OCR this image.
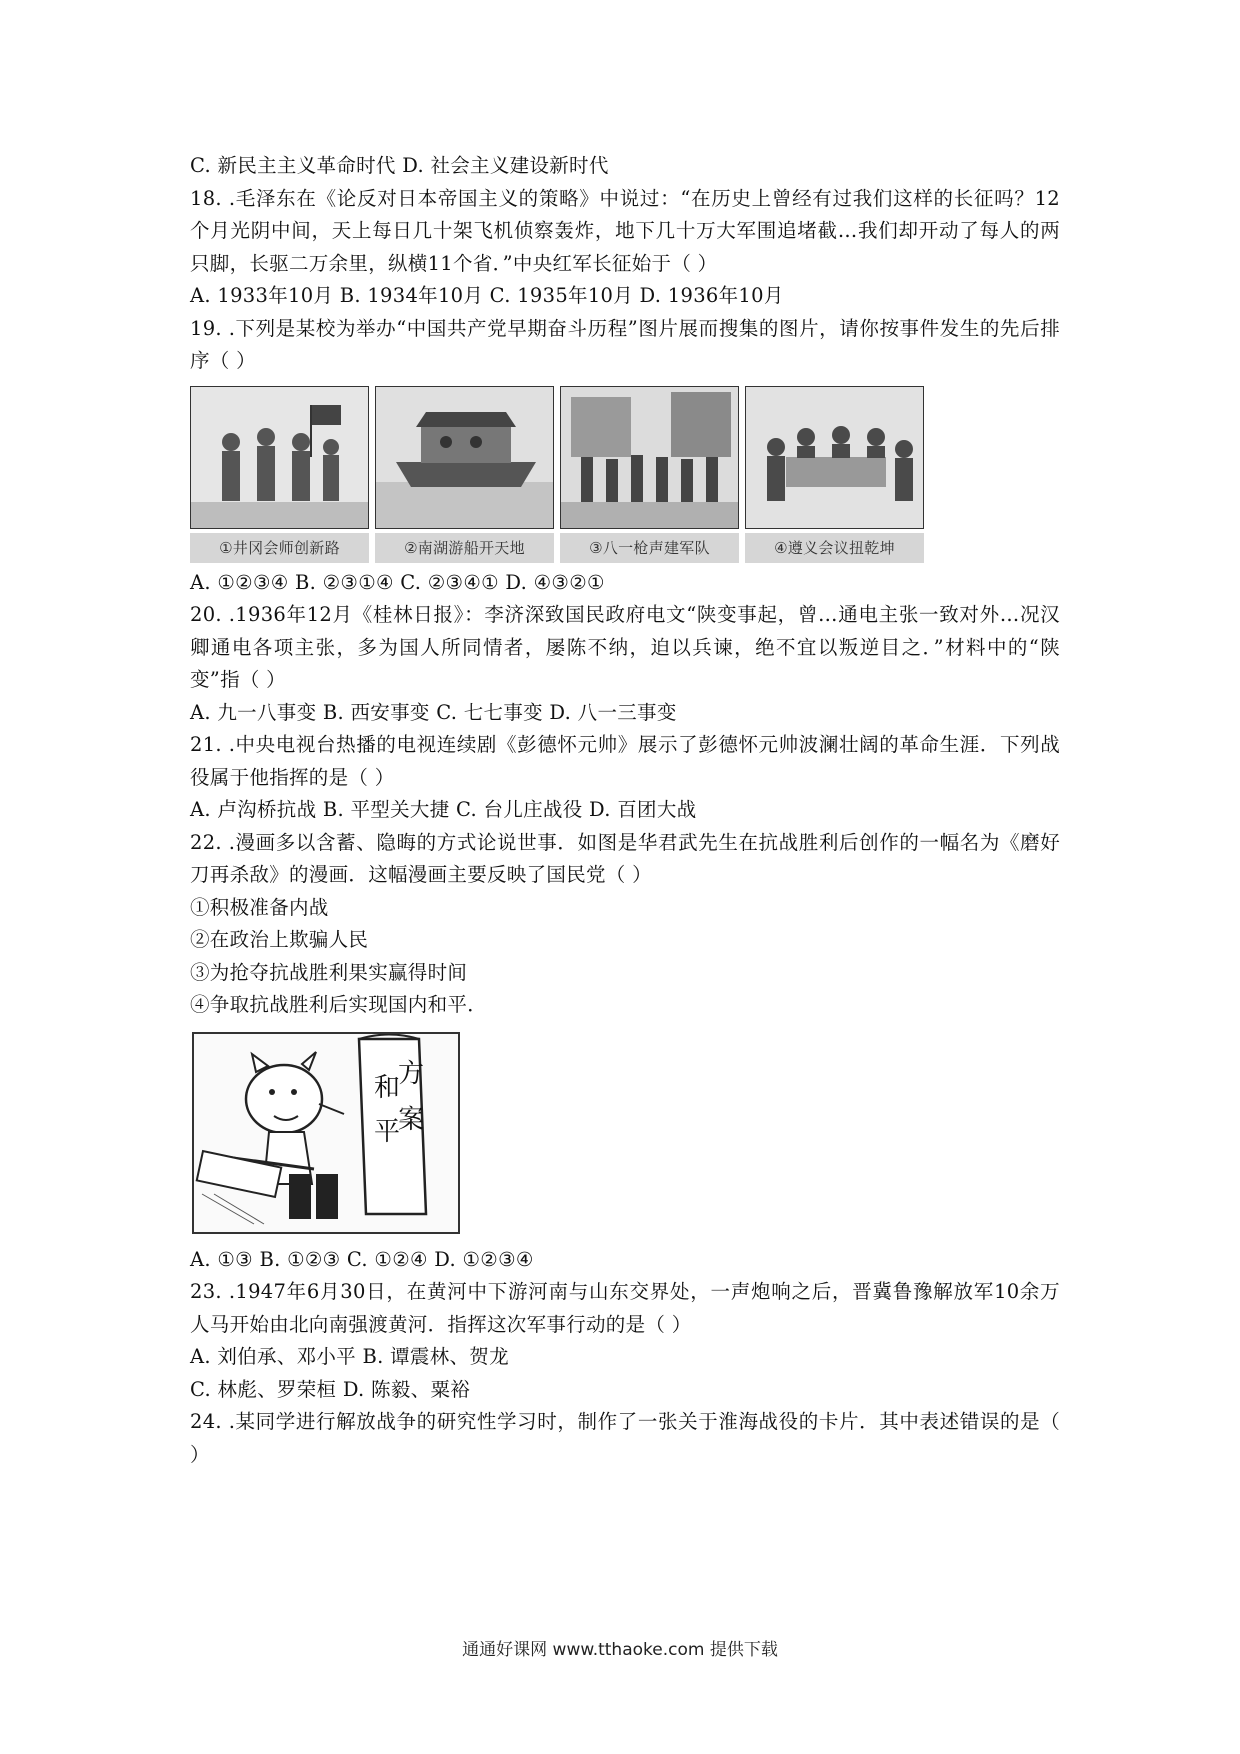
C. 新民主主义革命时代 D. 社会主义建设新时代
18. .毛泽东在《论反对日本帝国主义的策略》中说过：“在历史上曾经有过我们这样的长征吗？12个月光阴中间，天上每日几十架飞机侦察轰炸，地下几十万大军围追堵截…我们却开动了每人的两只脚，长驱二万余里，纵横11个省．”中央红军长征始于（ ）
A. 1933年10月 B. 1934年10月 C. 1935年10月 D. 1936年10月
19. .下列是某校为举办“中国共产党早期奋斗历程”图片展而搜集的图片，请你按事件发生的先后排序（ ）
①井冈会师创新路	②南湖游船开天地	③八一枪声建军队	④遵义会议扭乾坤
A. ①②③④ B. ②③①④ C. ②③④① D. ④③②①
20. .1936年12月《桂林日报》：李济深致国民政府电文“陕变事起，曾…通电主张一致对外…况汉卿通电各项主张，多为国人所同情者，屡陈不纳，迫以兵谏，绝不宜以叛逆目之．”材料中的“陕变”指（ ）
A. 九一八事变 B. 西安事变 C. 七七事变 D. 八一三事变
21. .中央电视台热播的电视连续剧《彭德怀元帅》展示了彭德怀元帅波澜壮阔的革命生涯．下列战役属于他指挥的是（ ）
A. 卢沟桥抗战 B. 平型关大捷 C. 台儿庄战役 D. 百团大战
22. .漫画多以含蓄、隐晦的方式论说世事．如图是华君武先生在抗战胜利后创作的一幅名为《磨好刀再杀敌》的漫画．这幅漫画主要反映了国民党（ ）
①积极准备内战
②在政治上欺骗人民
③为抢夺抗战胜利果实赢得时间
④争取抗战胜利后实现国内和平．
和
方
平
案
A. ①③ B. ①②③ C. ①②④ D. ①②③④
23. .1947年6月30日，在黄河中下游河南与山东交界处，一声炮响之后，晋冀鲁豫解放军10余万人马开始由北向南强渡黄河．指挥这次军事行动的是（ ）
A. 刘伯承、邓小平 B. 谭震林、贺龙
C. 林彪、罗荣桓 D. 陈毅、粟裕
24. .某同学进行解放战争的研究性学习时，制作了一张关于淮海战役的卡片．其中表述错误的是（ ）
通通好课网 www.tthaoke.com 提供下载
